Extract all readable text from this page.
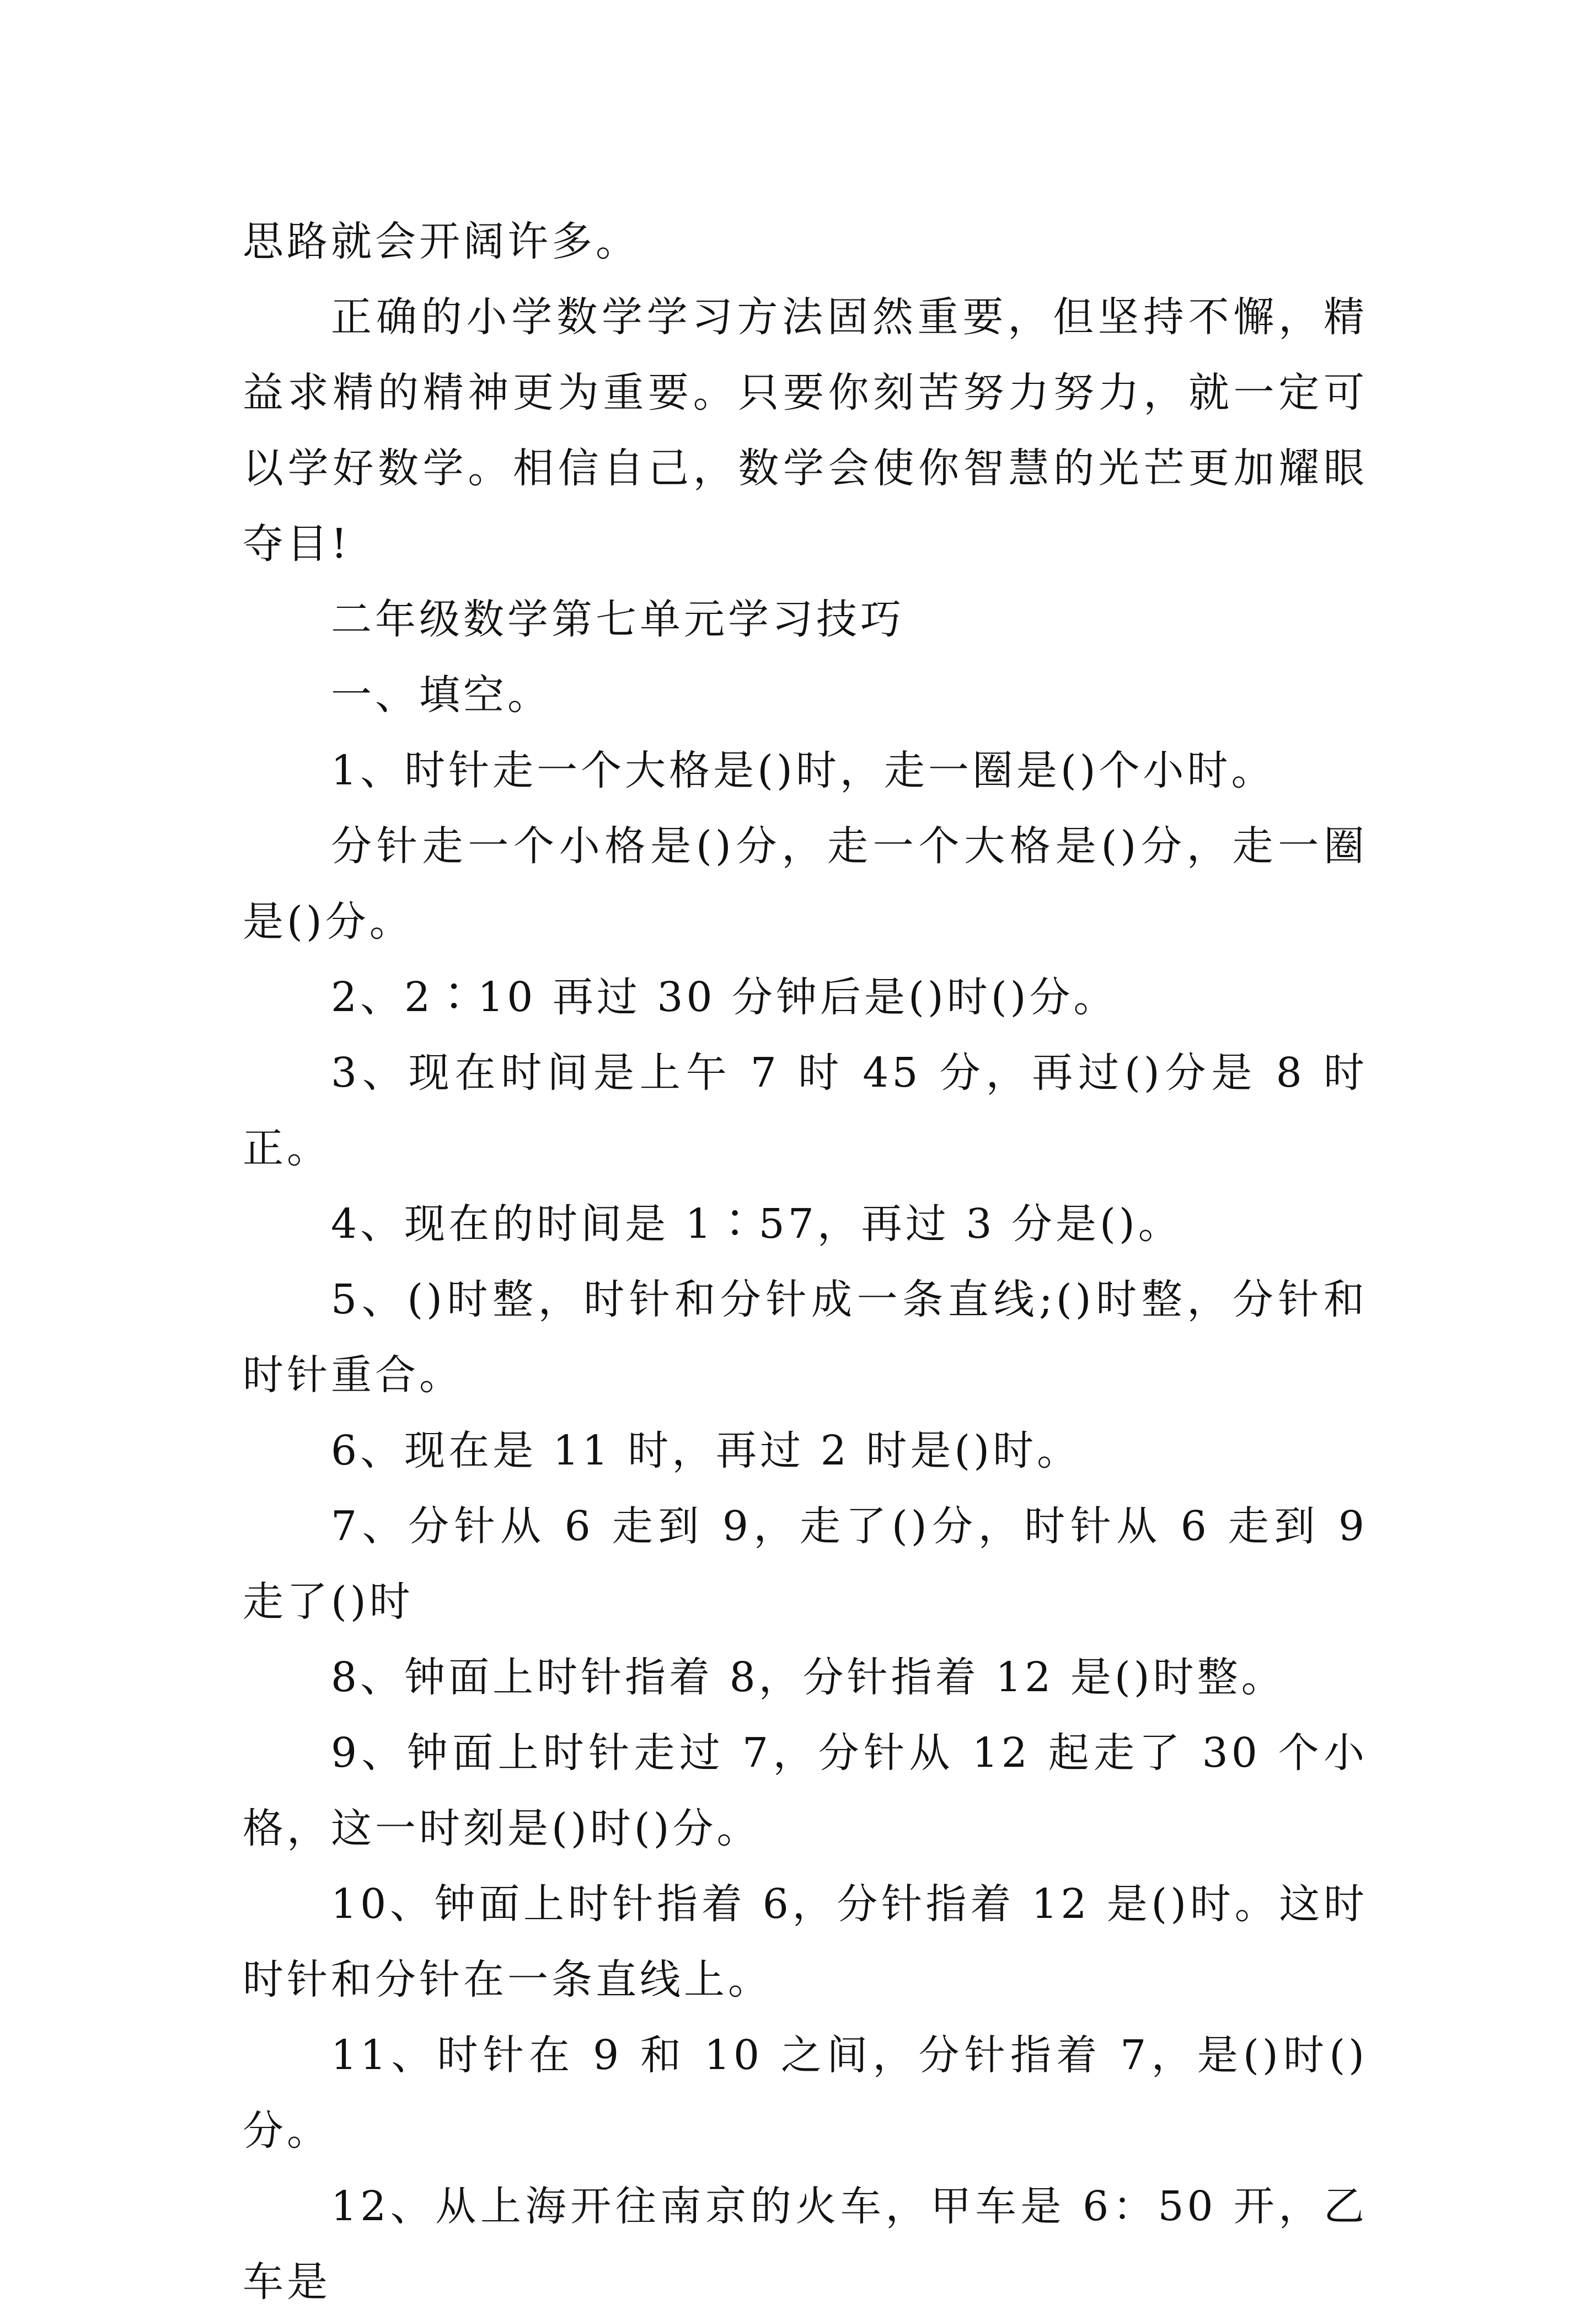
思路就会开阔许多。

正确的小学数学学习方法固然重要，但坚持不懈，精益求精的精神更为重要。只要你刻苦努力努力，就一定可以学好数学。相信自己，数学会使你智慧的光芒更加耀眼夺目!

二年级数学第七单元学习技巧

一、填空。

1、时针走一个大格是()时，走一圈是()个小时。

分针走一个小格是()分，走一个大格是()分，走一圈是()分。

2、2∶10 再过 30 分钟后是()时()分。

3、现在时间是上午 7 时 45 分，再过()分是 8 时正。

4、现在的时间是 1∶57，再过 3 分是()。

5、()时整，时针和分针成一条直线;()时整，分针和时针重合。

6、现在是 11 时，再过 2 时是()时。

7、分针从 6 走到 9，走了()分，时针从 6 走到 9 走了()时

8、钟面上时针指着 8，分针指着 12 是()时整。

9、钟面上时针走过 7，分针从 12 起走了 30 个小格，这一时刻是()时()分。

10、钟面上时针指着 6，分针指着 12 是()时。这时时针和分针在一条直线上。

11、时针在 9 和 10 之间，分针指着 7，是()时()分。

12、从上海开往南京的火车，甲车是 6：50 开，乙车是
